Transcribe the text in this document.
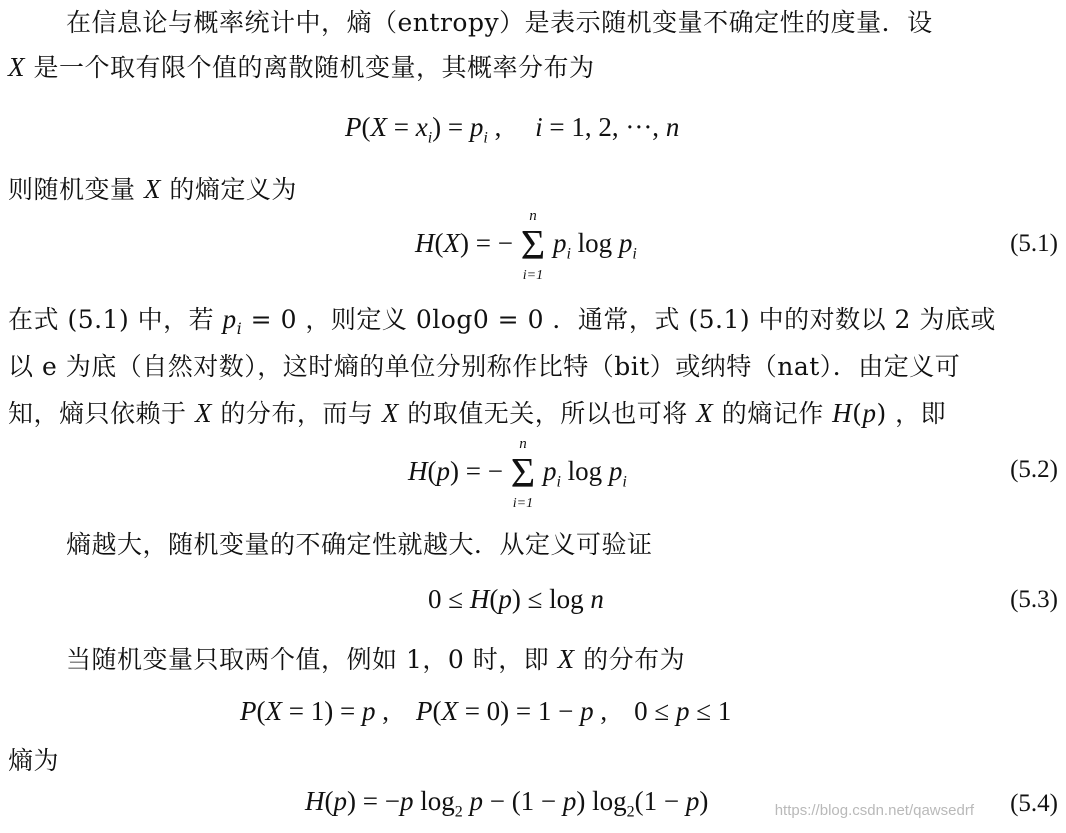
在信息论与概率统计中，熵（entropy）是表示随机变量不确定性的度量．设
X 是一个取有限个值的离散随机变量，其概率分布为
$P(X = x_i) = p_i$ ,     i = 1, 2, ···, n
则随机变量 X 的熵定义为
H(X) = −
n
Σ
i=1
$p_i$ $\log p_i$	(5.1)
在式 (5.1) 中，若 $p_i = 0$ ，则定义 0log0 = 0 ．通常，式 (5.1) 中的对数以 2 为底或
以 e 为底（自然对数），这时熵的单位分别称作比特（bit）或纳特（nat）．由定义可
知，熵只依赖于 X 的分布，而与 X 的取值无关，所以也可将 X 的熵记作 H(p) ，即
H(p) = −
n
Σ
i=1
$p_i$ $\log p_i$	(5.2)
熵越大，随机变量的不确定性就越大．从定义可验证
0 ≤ H(p) ≤ log n	(5.3)
当随机变量只取两个值，例如 1，0 时，即 X 的分布为
P(X = 1) = p ,    P(X = 0) = 1 − p ,    0 ≤ p ≤ 1
熵为
H(p) = −p $\log_2 p - (1 - p) \log_2(1 - p)$	(5.4)
https://blog.csdn.net/qawsedrf
